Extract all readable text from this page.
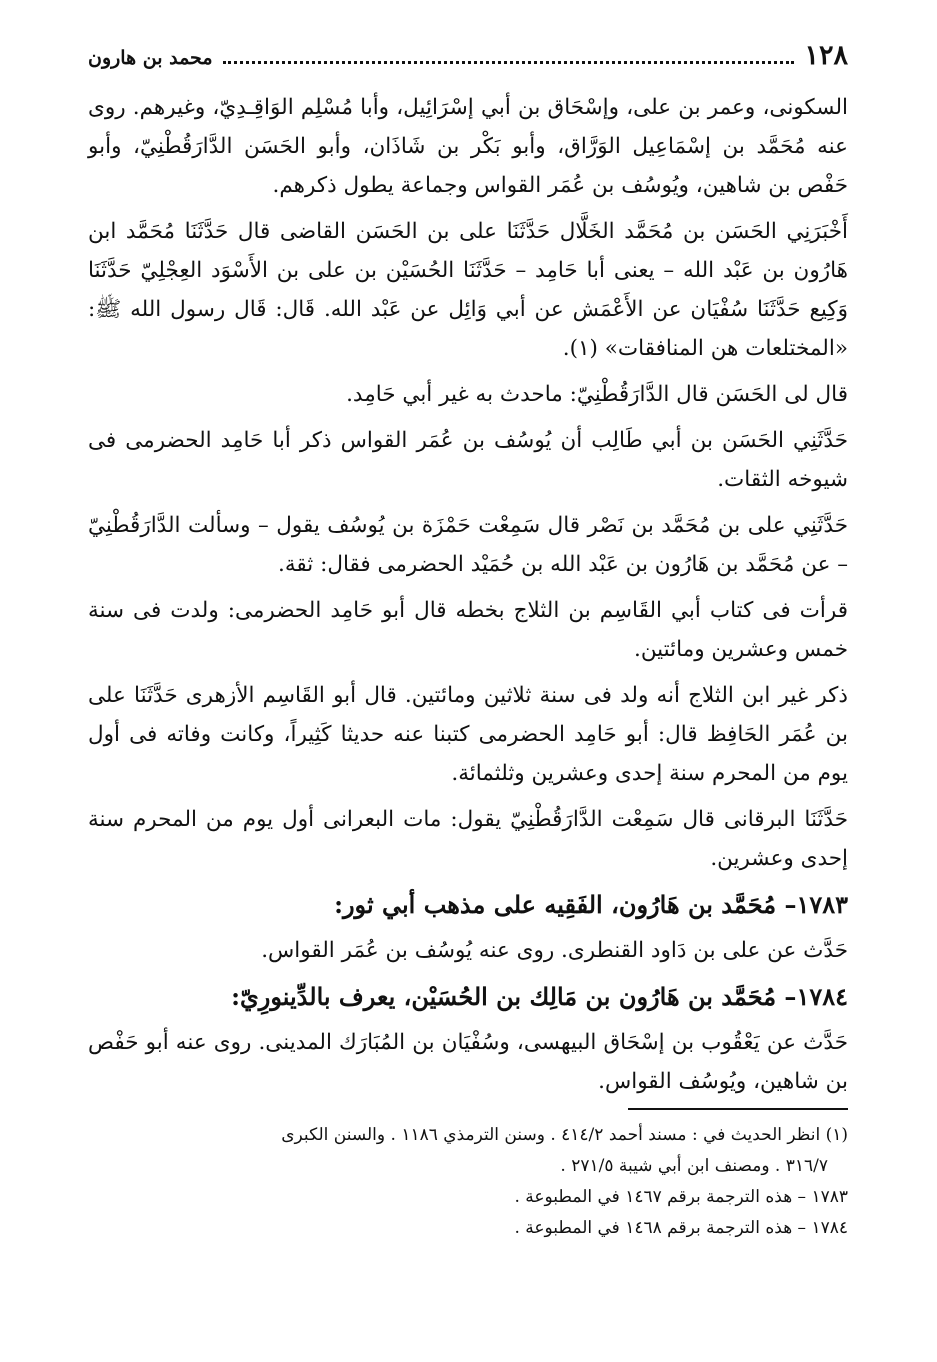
١٢٨
محمد بن هارون

السكونى، وعمر بن على، وإسْحَاق بن أبي إسْرَائِيل، وأبا مُسْلِم الوَاقِـدِيّ، وغيرهم. روى عنه مُحَمَّد بن إسْمَاعِيل الوَرَّاق، وأبو بَكْر بن شَاذَان، وأبو الحَسَن الدَّارَقُطْنِيّ، وأبو حَفْص بن شاهين، ويُوسُف بن عُمَر القواس وجماعة يطول ذكرهم.

أَخْبَرَنِي الحَسَن بن مُحَمَّد الخَلَّال حَدَّثَنَا على بن الحَسَن القاضى قال حَدَّثَنَا مُحَمَّد ابن هَارُون بن عَبْد الله – يعنى أبا حَامِد – حَدَّثَنَا الحُسَيْن بن على بن الأَسْوَد العِجْلِيّ حَدَّثَنَا وَكِيع حَدَّثَنَا سُفْيَان عن الأَعْمَش عن أبي وَائِل عن عَبْد الله. قَال: قَال رسول الله ﷺ: «المختلعات هن المنافقات» (١).

قال لى الحَسَن قال الدَّارَقُطْنِيّ: ماحدث به غير أبي حَامِد.

حَدَّثَنِي الحَسَن بن أبي طَالِب أن يُوسُف بن عُمَر القواس ذكر أبا حَامِد الحضرمى فى شيوخه الثقات.

حَدَّثَنِي على بن مُحَمَّد بن نَصْر قال سَمِعْت حَمْزَة بن يُوسُف يقول – وسألت الدَّارَقُطْنِيّ – عن مُحَمَّد بن هَارُون بن عَبْد الله بن حُمَيْد الحضرمى فقال: ثقة.

قرأت فى كتاب أبي القَاسِم بن الثلاج بخطه قال أبو حَامِد الحضرمى: ولدت فى سنة خمس وعشرين ومائتين.

ذكر غير ابن الثلاج أنه ولد فى سنة ثلاثين ومائتين. قال أبو القَاسِم الأزهرى حَدَّثَنَا على بن عُمَر الحَافِظ قال: أبو حَامِد الحضرمى كتبنا عنه حديثا كَثِيراً، وكانت وفاته فى أول يوم من المحرم سنة إحدى وعشرين وثلثمائة.

حَدَّثَنَا البرقانى قال سَمِعْت الدَّارَقُطْنِيّ يقول: مات البعرانى أول يوم من المحرم سنة إحدى وعشرين.

١٧٨٣– مُحَمَّد بن هَارُون، الفَقِيه على مذهب أبي ثور:

حَدَّث عن على بن دَاود القنطرى. روى عنه يُوسُف بن عُمَر القواس.

١٧٨٤– مُحَمَّد بن هَارُون بن مَالِك بن الحُسَيْن، يعرف بالدِّينورِيّ:

حَدَّث عن يَعْقُوب بن إسْحَاق البيهسى، وسُفْيَان بن المُبَارَك المدينى. روى عنه أبو حَفْص بن شاهين، ويُوسُف القواس.

(١) انظر الحديث في : مسند أحمد ٤١٤/٢ . وسنن الترمذي ١١٨٦ . والسنن الكبرى

٣١٦/٧ . ومصنف ابن أبي شيبة ٢٧١/٥ .

١٧٨٣ – هذه الترجمة برقم ١٤٦٧ في المطبوعة .

١٧٨٤ – هذه الترجمة برقم ١٤٦٨ في المطبوعة .
